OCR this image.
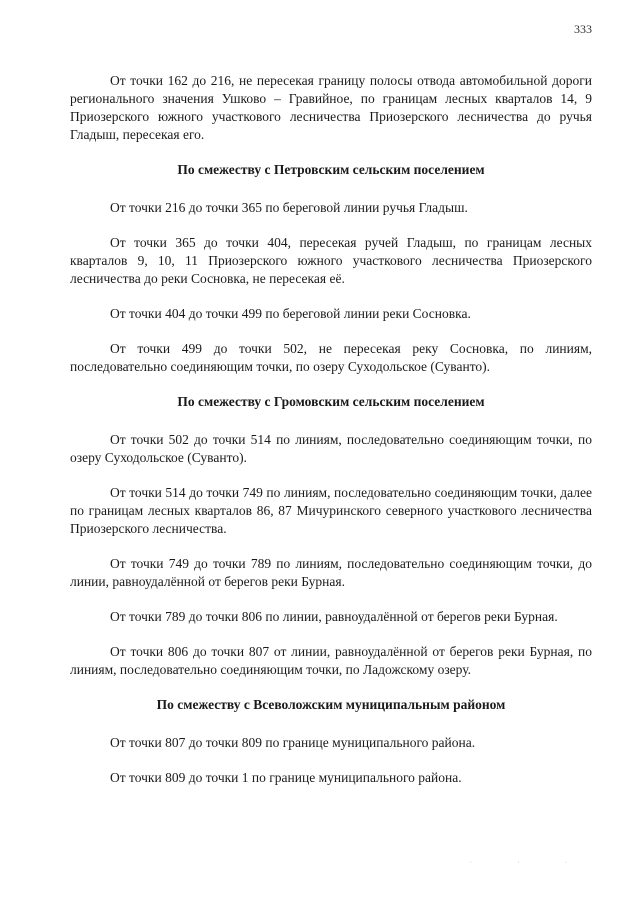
333

От точки 162 до 216, не пересекая границу полосы отвода автомобильной дороги регионального значения Ушково – Гравийное, по границам лесных кварталов 14, 9 Приозерского южного участкового лесничества Приозерского лесничества до ручья Гладыш, пересекая его.

По смежеству с Петровским сельским поселением

От точки 216 до точки 365 по береговой линии ручья Гладыш.

От точки 365 до точки 404, пересекая ручей Гладыш, по границам лесных кварталов 9, 10, 11 Приозерского южного участкового лесничества Приозерского лесничества до реки Сосновка, не пересекая её.

От точки 404 до точки 499 по береговой линии реки Сосновка.

От точки 499 до точки 502, не пересекая реку Сосновка, по линиям, последовательно соединяющим точки, по озеру Суходольское (Суванто).

По смежеству с Громовским сельским поселением

От точки 502 до точки 514 по линиям, последовательно соединяющим точки, по озеру Суходольское (Суванто).

От точки 514 до точки 749 по линиям, последовательно соединяющим точки, далее по границам лесных кварталов 86, 87 Мичуринского северного участкового лесничества Приозерского лесничества.

От точки 749 до точки 789 по линиям, последовательно соединяющим точки, до линии, равноудалённой от берегов реки Бурная.

От точки 789 до точки 806 по линии, равноудалённой от берегов реки Бурная.

От точки 806 до точки 807 от линии, равноудалённой от берегов реки Бурная, по линиям, последовательно соединяющим точки, по Ладожскому озеру.

По смежеству с Всеволожским муниципальным районом

От точки 807 до точки 809 по границе муниципального района.

От точки 809 до точки 1 по границе муниципального района.

· · ·
